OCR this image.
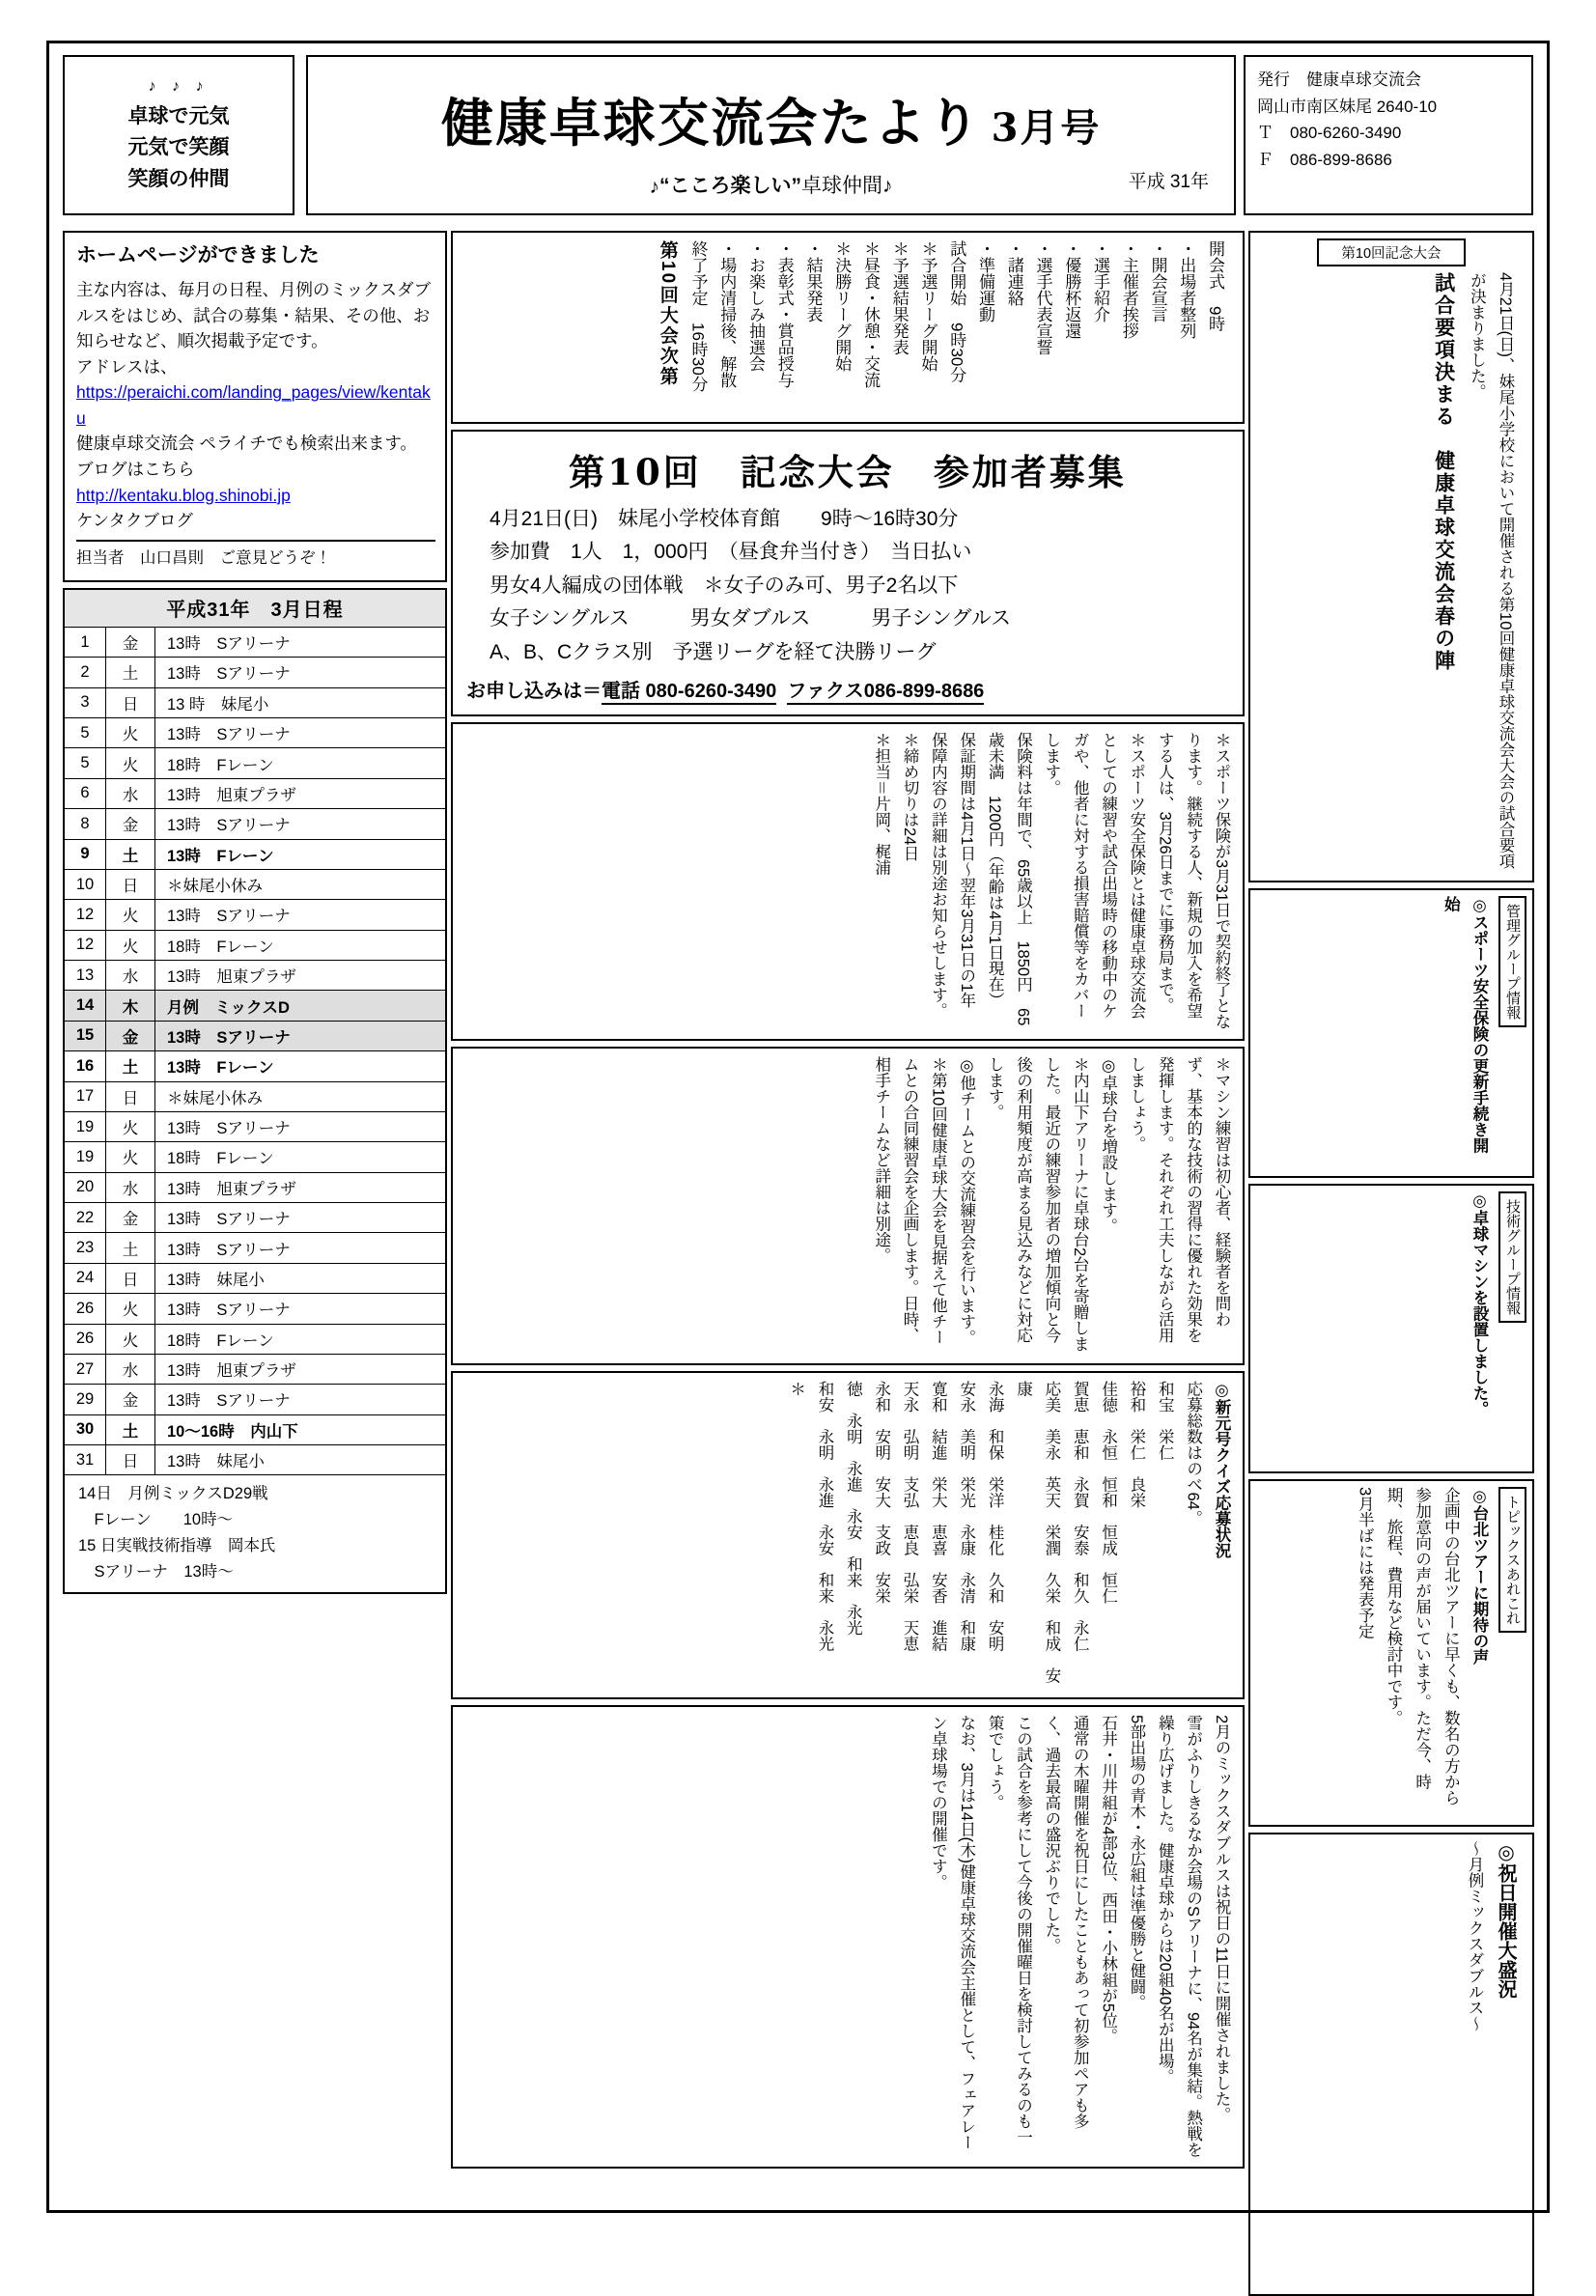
♪ ♪ ♪
卓球で元気
元気で笑顔
笑顔の仲間
健康卓球交流会たより 3月号
♪ “こころ楽しい” 卓球仲間♪	平成 31年
発行　健康卓球交流会
岡山市南区妹尾 2640-10
Ｔ　080-6260-3490
Ｆ　086-899-8686
ホームページができました
主な内容は、毎月の日程、月例のミックスダブルスをはじめ、試合の募集・結果、その他、お知らせなど、順次掲載予定です。
アドレスは、
https://peraichi.com/landing_pages/view/kentaku
健康卓球交流会 ペライチでも検索出来ます。
ブログはこちら
http://kentaku.blog.shinobi.jp
ケンタクブログ
担当者　山口昌則　ご意見どうぞ！
平成31年　3月日程
1	金	13時　Sアリーナ
2	土	13時　Sアリーナ
3	日	13 時　妹尾小
5	火	13時　Sアリーナ
5	火	18時　Fレーン
6	水	13時　旭東プラザ
8	金	13時　Sアリーナ
9	土	13時　Fレーン
10	日	＊妹尾小休み
12	火	13時　Sアリーナ
12	火	18時　Fレーン
13	水	13時　旭東プラザ
14	木	月例　ミックスD
15	金	13時　Sアリーナ
16	土	13時　Fレーン
17	日	＊妹尾小休み
19	火	13時　Sアリーナ
19	火	18時　Fレーン
20	水	13時　旭東プラザ
22	金	13時　Sアリーナ
23	土	13時　Sアリーナ
24	日	13時　妹尾小
26	火	13時　Sアリーナ
26	火	18時　Fレーン
27	水	13時　旭東プラザ
29	金	13時　Sアリーナ
30	土	10～16時　内山下
31	日	13時　妹尾小
14日　月例ミックスD29戦
　Fレーン　　10時～
15 日実戦技術指導　岡本氏
　Sアリーナ　13時～
第10回大会次第	開会式　9時
・出場者整列
・開会宣言
・主催者挨拶
・選手紹介
・優勝杯返還
・選手代表宣誓
・諸連絡
・準備運動
試合開始　9時30分
＊予選リーグ開始
＊予選結果発表
＊昼食・休憩・交流
＊決勝リーグ開始
・結果発表
・表彰式・賞品授与
・お楽しみ抽選会
・場内清掃後、解散
終了予定　16時30分
第10回　記念大会　参加者募集

4月21日(日)　妹尾小学校体育館　　9時～16時30分

参加費　1人　1，000円　（昼食弁当付き）　当日払い

男女4人編成の団体戦　＊女子のみ可、男子2名以下

女子シングルス　　　男女ダブルス　　　男子シングルス

А、В、Сクラス別　予選リーグを経て決勝リーグ

お申し込みは＝電話 080-6260-3490 ファクス086-899-8686
＊スポーツ保険が3月31日で契約終了となります。継続する人、新規の加入を希望する人は、3月26日までに事務局まで。
＊スポーツ安全保険とは健康卓球交流会としての練習や試合出場時の移動中のケガや、他者に対する損害賠償等をカバーします。
保険料は年間で、65歳以上　1850円　65歳未満　1200円（年齢は4月1日現在）
保証期間は4月1日～翌年3月31日の1年
保障内容の詳細は別途お知らせします。
＊締め切りは24日
＊担当＝片岡、梶浦
＊マシン練習は初心者、経験者を問わず、基本的な技術の習得に優れた効果を発揮します。それぞれ工夫しながら活用しましょう。
◎卓球台を増設します。
＊内山下アリーナに卓球台2台を寄贈しました。最近の練習参加者の増加傾向と今後の利用頻度が高まる見込みなどに対応します。
◎他チームとの交流練習会を行います。
＊第10回健康卓球大会を見据えて他チームとの合同練習会を企画します。日時、相手チームなど詳細は別途。
◎新元号クイズ応募状況
応募総数はのべ64。
和宝　栄仁
裕和　栄仁　良栄
佳徳　永恒　恒和　恒成　恒仁
賀恵　恵和　永賀　安泰　和久　永仁
応美　美永　英天　栄潤　久栄　和成　安康
永海　和保　栄洋　桂化　久和　安明
安永　美明　栄光　永康　永清　和康
寛和　結進　栄大　恵喜　安香　進結
天永　弘明　支弘　恵良　弘栄　天恵
永和　安明　安大　支政　安栄
徳　永明　永進　永安　和来　永光
和安　永明　永進　永安　和来　永光
＊
2月のミックスダブルスは祝日の11日に開催されました。
雪がふりしきるなか会場のSアリーナに、94名が集結。熱戦を繰り広げました。健康卓球からは20組40名が出場。
5部出場の青木・永広組は準優勝と健闘。
石井・川井組が4部3位、西田・小林組が5位。
通常の木曜開催を祝日にしたこともあって初参加ペアも多く、過去最高の盛況ぶりでした。
この試合を参考にして今後の開催曜日を検討してみるのも一策でしょう。
なお、3月は14日(木)健康卓球交流会主催として、フェアレーン卓球場での開催です。
第10回記念大会
試合要項決まる　健康卓球交流会春の陣	4月21日(日)、妹尾小学校において開催される第10回健康卓球交流会大会の試合要項が決まりました。
◎スポーツ安全保険の更新手続き開始	管理グループ情報
◎卓球マシンを設置しました。	技術グループ情報
◎台北ツアーに期待の声
企画中の台北ツアーに早くも、数名の方から参加意向の声が届いています。ただ今、時期、旅程、費用など検討中です。
3月半ばには発表予定	トピックスあれこれ
～月例ミックスダブルス～ ◎祝日開催大盛況
